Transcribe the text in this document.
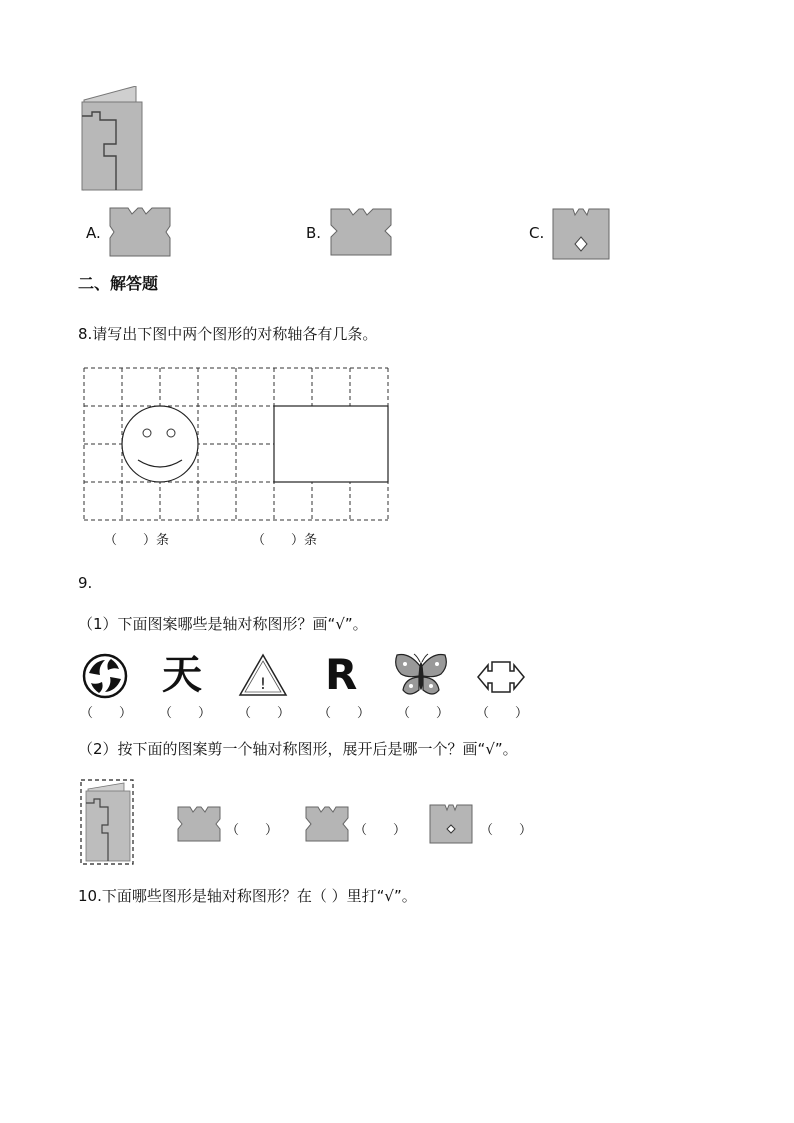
A.	B.	C.
二、解答题
8.请写出下图中两个图形的对称轴各有几条。
（　　）条	（　　）条
9.
（1）下面图案哪些是轴对称图形？画“√”。
天	! R
（　　） （　　） （　　） （　　） （　　） （　　）
（2）按下面的图案剪一个轴对称图形，展开后是哪一个？画“√”。
（　　）	（　　）	（　　）
10.下面哪些图形是轴对称图形？在（ ）里打“√”。
